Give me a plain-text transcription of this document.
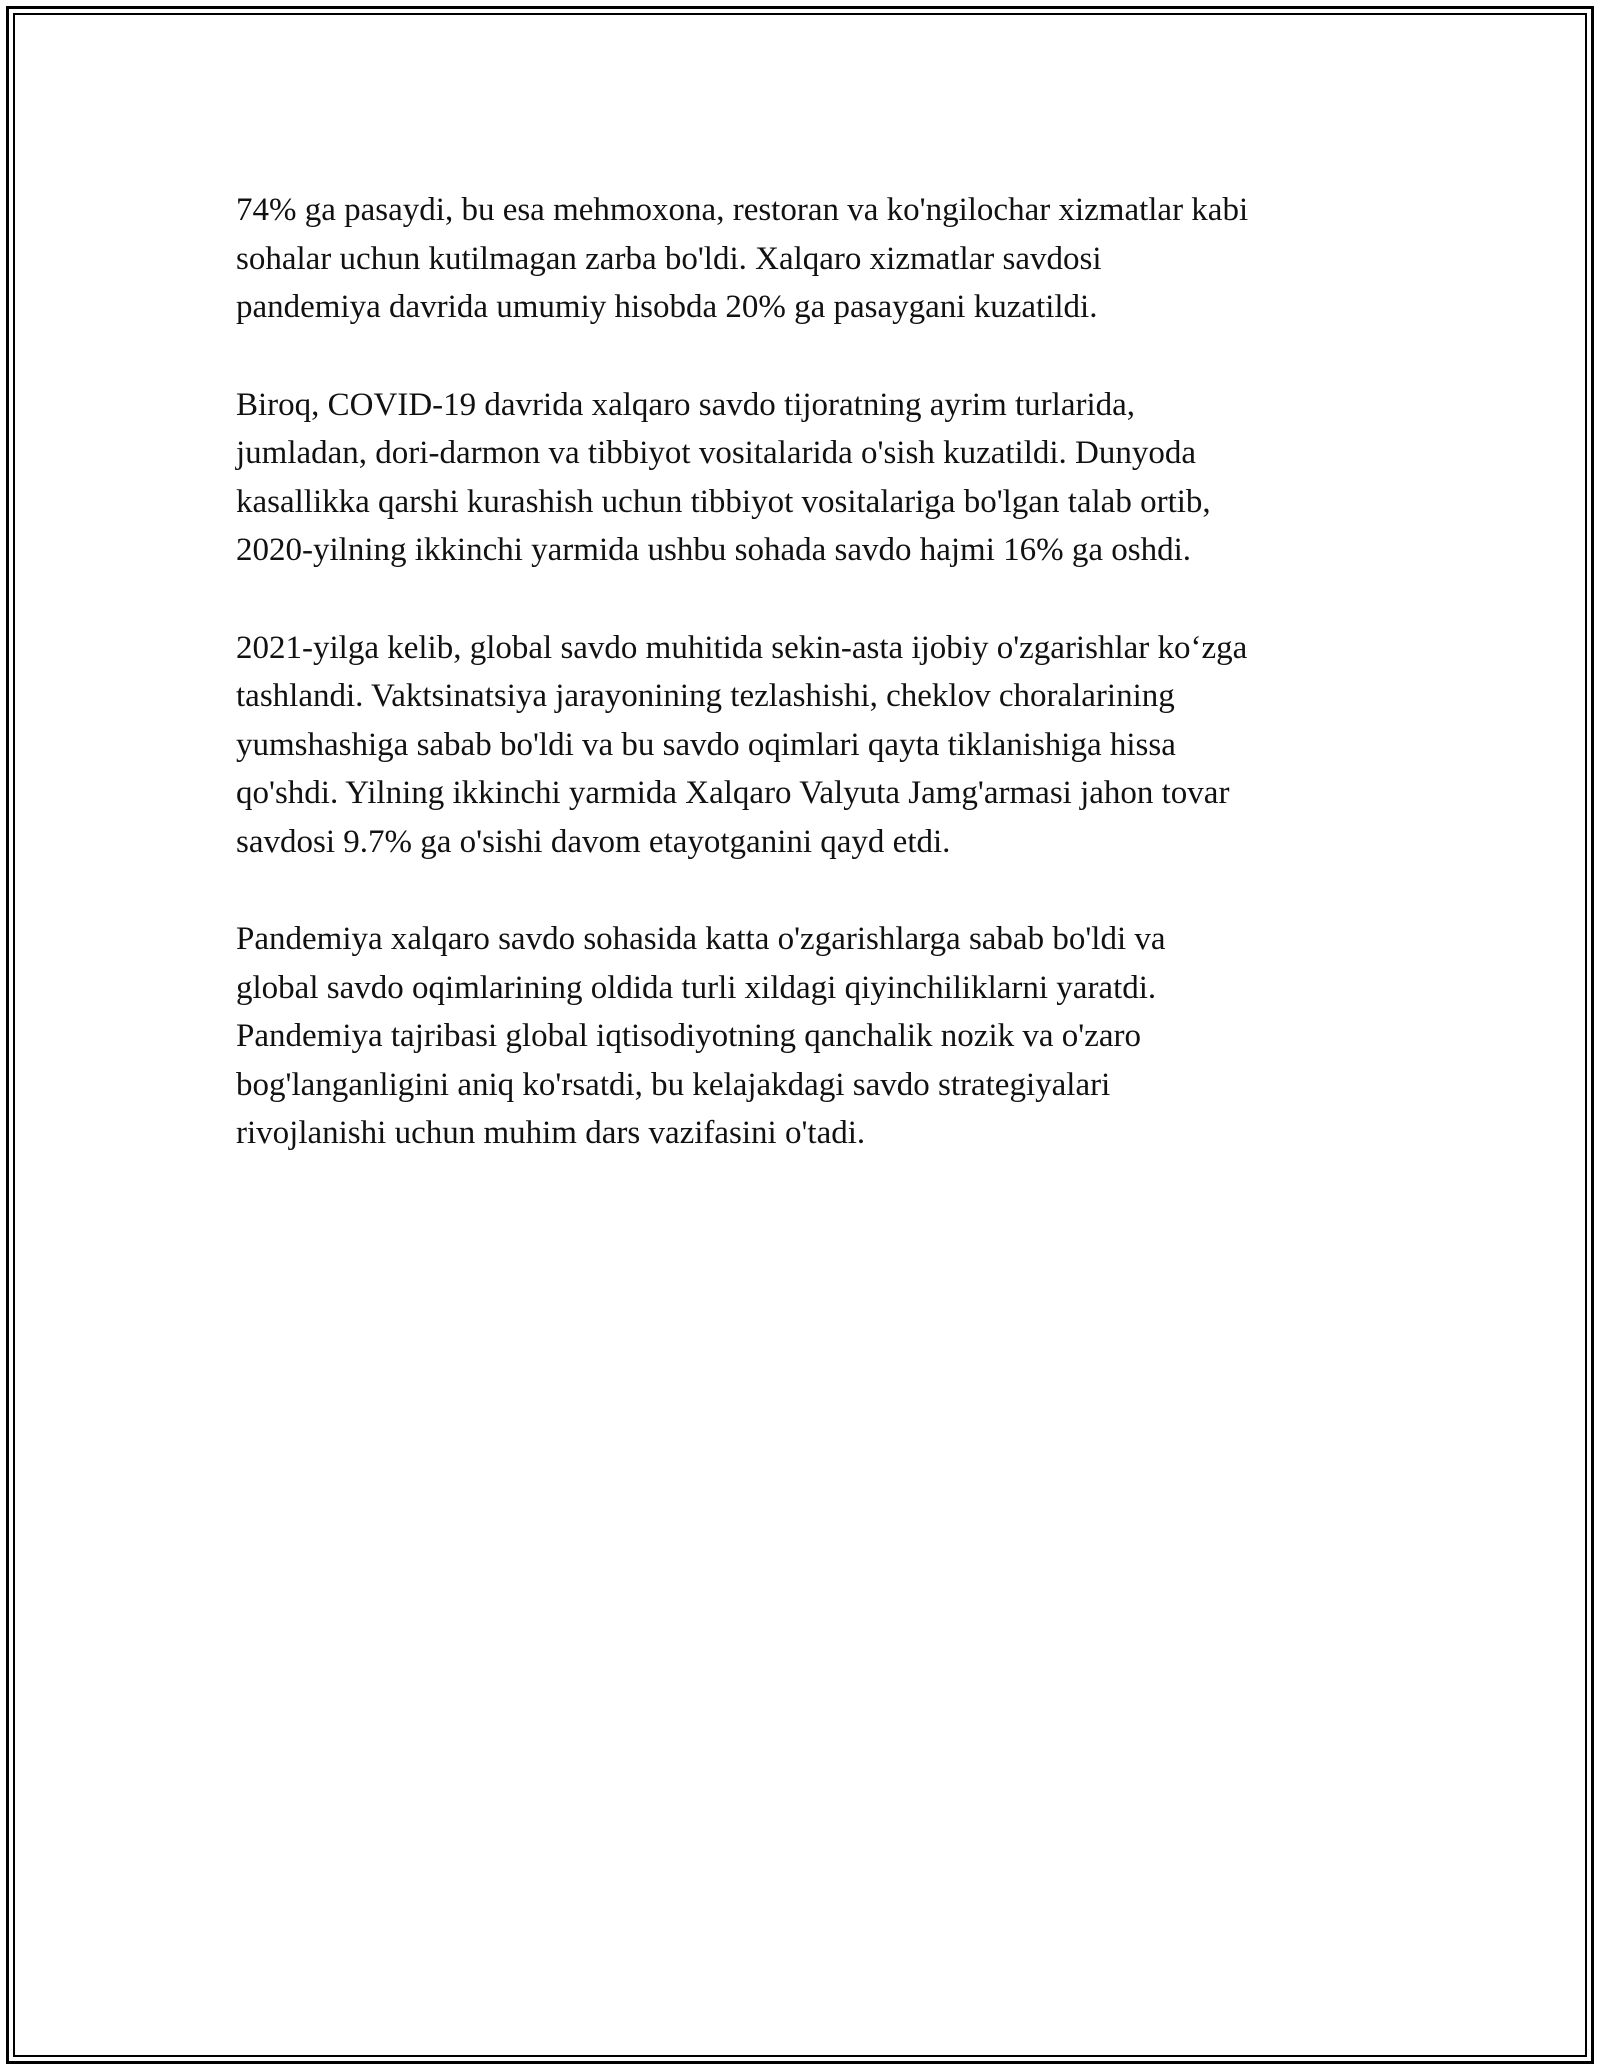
74% ga pasaydi, bu esa mehmoxona, restoran va ko'ngilochar xizmatlar kabi
sohalar uchun kutilmagan zarba bo'ldi. Xalqaro xizmatlar savdosi
pandemiya davrida umumiy hisobda 20% ga pasaygani kuzatildi.

Biroq, COVID-19 davrida xalqaro savdo tijoratning ayrim turlarida,
jumladan, dori-darmon va tibbiyot vositalarida o'sish kuzatildi. Dunyoda
kasallikka qarshi kurashish uchun tibbiyot vositalariga bo'lgan talab ortib,
2020-yilning ikkinchi yarmida ushbu sohada savdo hajmi 16% ga oshdi.

2021-yilga kelib, global savdo muhitida sekin-asta ijobiy o'zgarishlar ko‘zga
tashlandi. Vaktsinatsiya jarayonining tezlashishi, cheklov choralarining
yumshashiga sabab bo'ldi va bu savdo oqimlari qayta tiklanishiga hissa
qo'shdi. Yilning ikkinchi yarmida Xalqaro Valyuta Jamg'armasi jahon tovar
savdosi 9.7% ga o'sishi davom etayotganini qayd etdi.

Pandemiya xalqaro savdo sohasida katta o'zgarishlarga sabab bo'ldi va
global savdo oqimlarining oldida turli xildagi qiyinchiliklarni yaratdi.
Pandemiya tajribasi global iqtisodiyotning qanchalik nozik va o'zaro
bog'langanligini aniq ko'rsatdi, bu kelajakdagi savdo strategiyalari
rivojlanishi uchun muhim dars vazifasini o'tadi.
